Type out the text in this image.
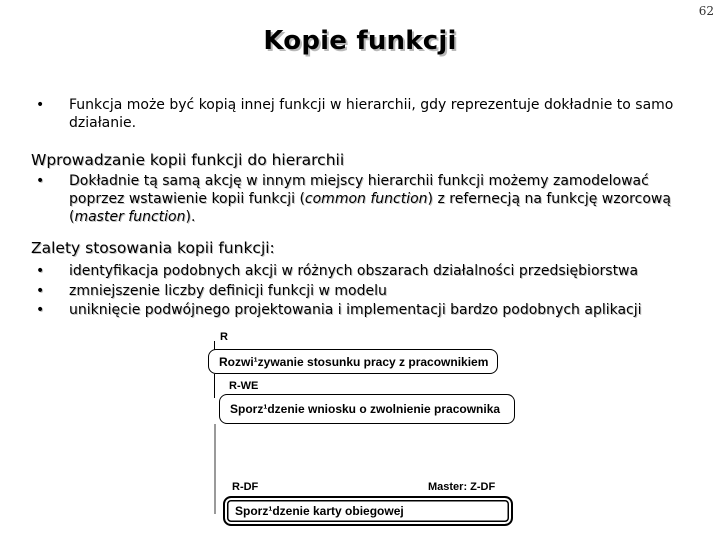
62
Kopie funkcji
•	Funkcja może być kopią innej funkcji w hierarchii, gdy reprezentuje dokładnie to samo
działanie.
Wprowadzanie kopii funkcji do hierarchii
•	Dokładnie tą samą akcję w innym miejscy hierarchii funkcji możemy zamodelować
poprzez wstawienie kopii funkcji (common function) z refernecją na funkcję wzorcową
(master function).
Zalety stosowania kopii funkcji:
•	identyfikacja podobnych akcji w różnych obszarach działalności przedsiębiorstwa
•	zmniejszenie liczby definicji funkcji w modelu
•	uniknięcie podwójnego projektowania i implementacji bardzo podobnych aplikacji
R
Rozwi¹zywanie stosunku pracy z pracownikiem
R-WE
Sporz¹dzenie wniosku o zwolnienie pracownika
R-DF	Master: Z-DF
Sporz¹dzenie karty obiegowej
